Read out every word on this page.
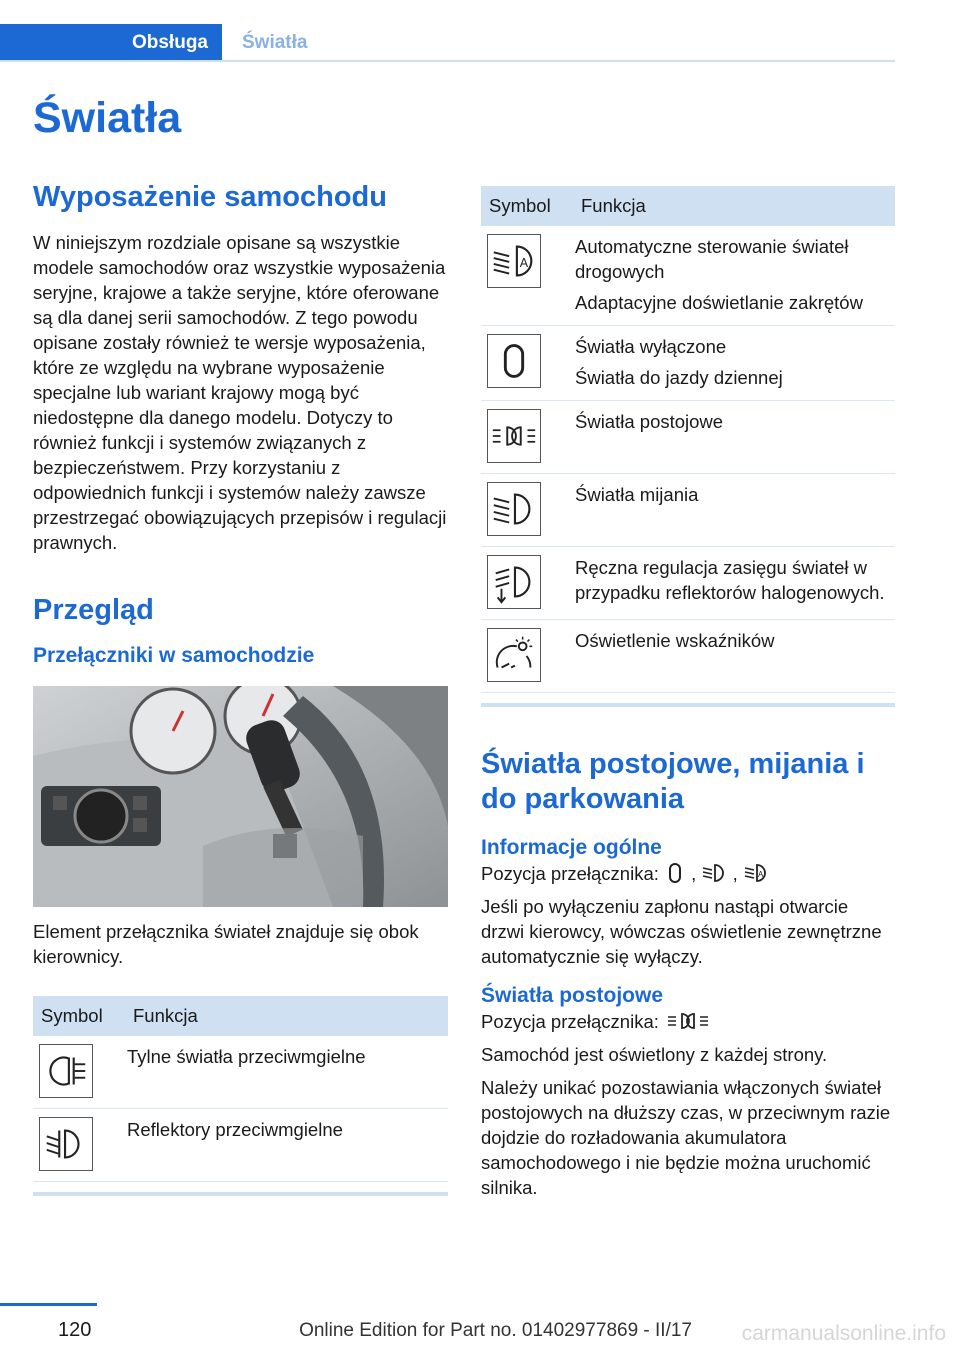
Obsługa	Światła
Światła
Wyposażenie samochodu

W niniejszym rozdziale opisane są wszystkie modele samochodów oraz wszystkie wyposażenia seryjne, krajowe a także seryjne, które oferowane są dla danej serii samochodów. Z tego powodu opisane zostały również te wersje wyposażenia, które ze względu na wybrane wyposażenie specjalne lub wariant krajowy mogą być niedostępne dla danego modelu. Dotyczy to również funkcji i systemów związanych z bezpieczeństwem. Przy korzystaniu z odpowiednich funkcji i systemów należy zawsze przestrzegać obowiązujących przepisów i regulacji prawnych.

Przegląd
Przełączniki w samochodzie

Element przełącznika świateł znajduje się obok kierownicy.

Symbol	Funkcja

Tylne światła przeciwmgielne

Reflektory przeciwmgielne
Symbol	Funkcja

A	Automatyczne sterowanie świateł drogowych
Adaptacyjne doświetlanie zakrętów

Światła wyłączone
Światła do jazdy dziennej

Światła postojowe

Światła mijania

Ręczna regulacja zasięgu świateł w przypadku reflektorów halogenowych.

Oświetlenie wskaźników
Światła postojowe, mijania i do parkowania
Informacje ogólne

Pozycja przełącznika: , ,	A

Jeśli po wyłączeniu zapłonu nastąpi otwarcie drzwi kierowcy, wówczas oświetlenie zewnętrzne automatycznie się wyłączy.

Światła postojowe

Pozycja przełącznika:

Samochód jest oświetlony z każdej strony.

Należy unikać pozostawiania włączonych świateł postojowych na dłuższy czas, w przeciwnym razie dojdzie do rozładowania akumulatora samochodowego i nie będzie można uruchomić silnika.

120	Online Edition for Part no. 01402977869 - II/17 carmanualsonline.info
